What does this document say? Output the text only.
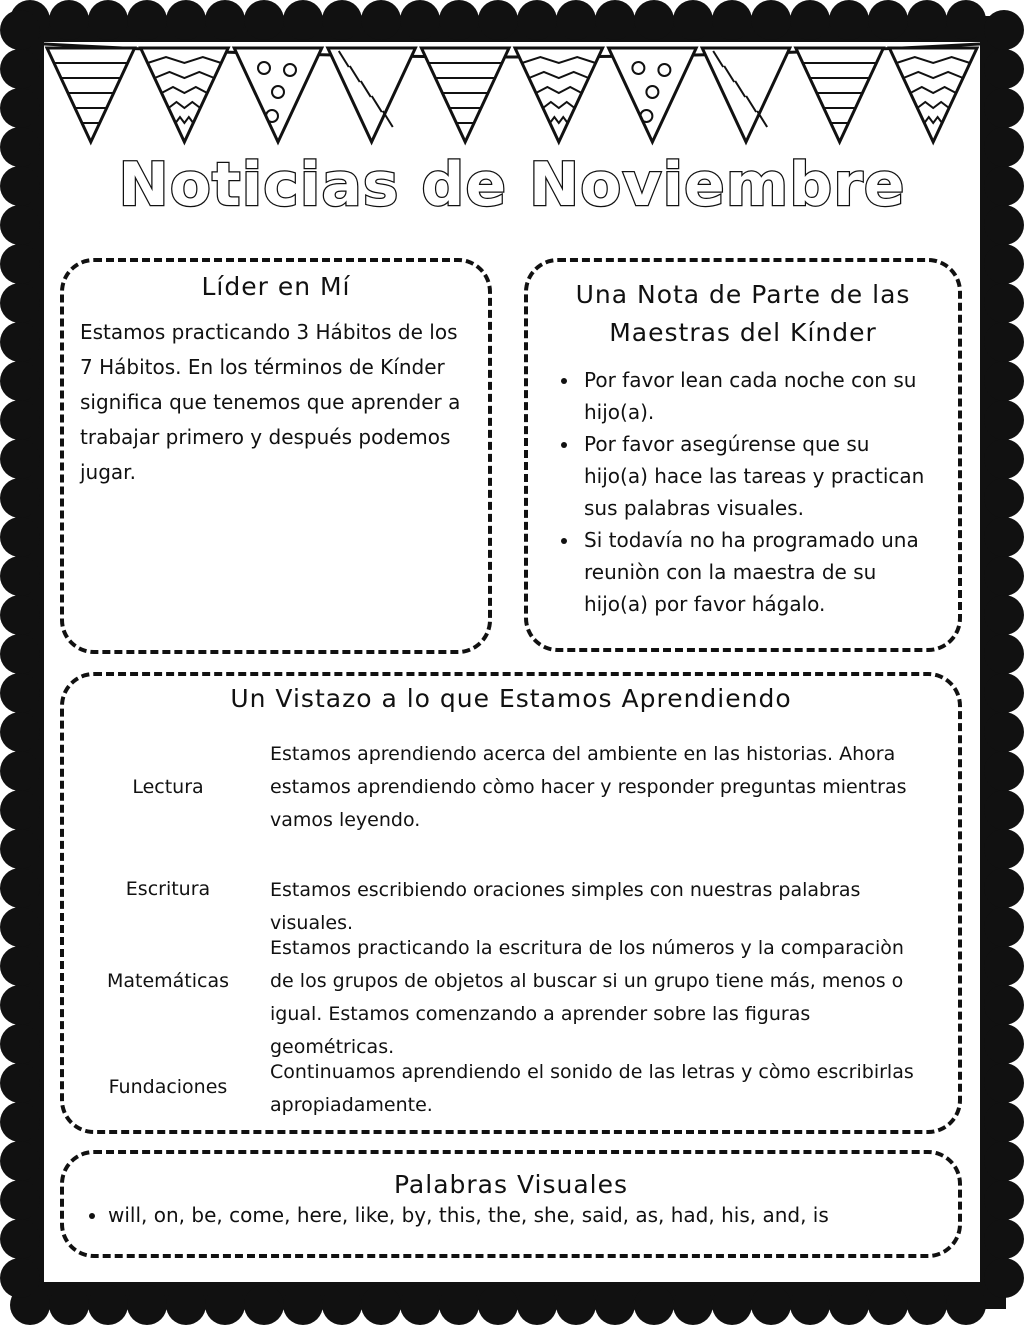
Noticias de Noviembre
Líder en Mí

Estamos practicando 3 Hábitos de los 7 Hábitos. En los términos de Kínder significa que tenemos que aprender a trabajar primero y después podemos jugar.

Una Nota de Parte de las Maestras del Kínder
• Por favor lean cada noche con su hijo(a).
• Por favor asegúrense que su hijo(a) hace las tareas y practican sus palabras visuales.
• Si todavía no ha programado una reuniòn con la maestra de su hijo(a) por favor hágalo.
Un Vistazo a lo que Estamos Aprendiendo
Lectura
Estamos aprendiendo acerca del ambiente en las historias. Ahora estamos aprendiendo còmo hacer y responder preguntas mientras vamos leyendo.
Escritura	Estamos escribiendo oraciones simples con nuestras palabras visuales.
Matemáticas
Estamos practicando la escritura de los números y la comparaciòn de los grupos de objetos al buscar si un grupo tiene más, menos o igual. Estamos comenzando a aprender sobre las figuras geométricas.
Fundaciones
Continuamos aprendiendo el sonido de las letras y còmo escribirlas apropiadamente.
Palabras Visuales
• will, on, be, come, here, like, by, this, the, she, said, as, had, his, and, is
